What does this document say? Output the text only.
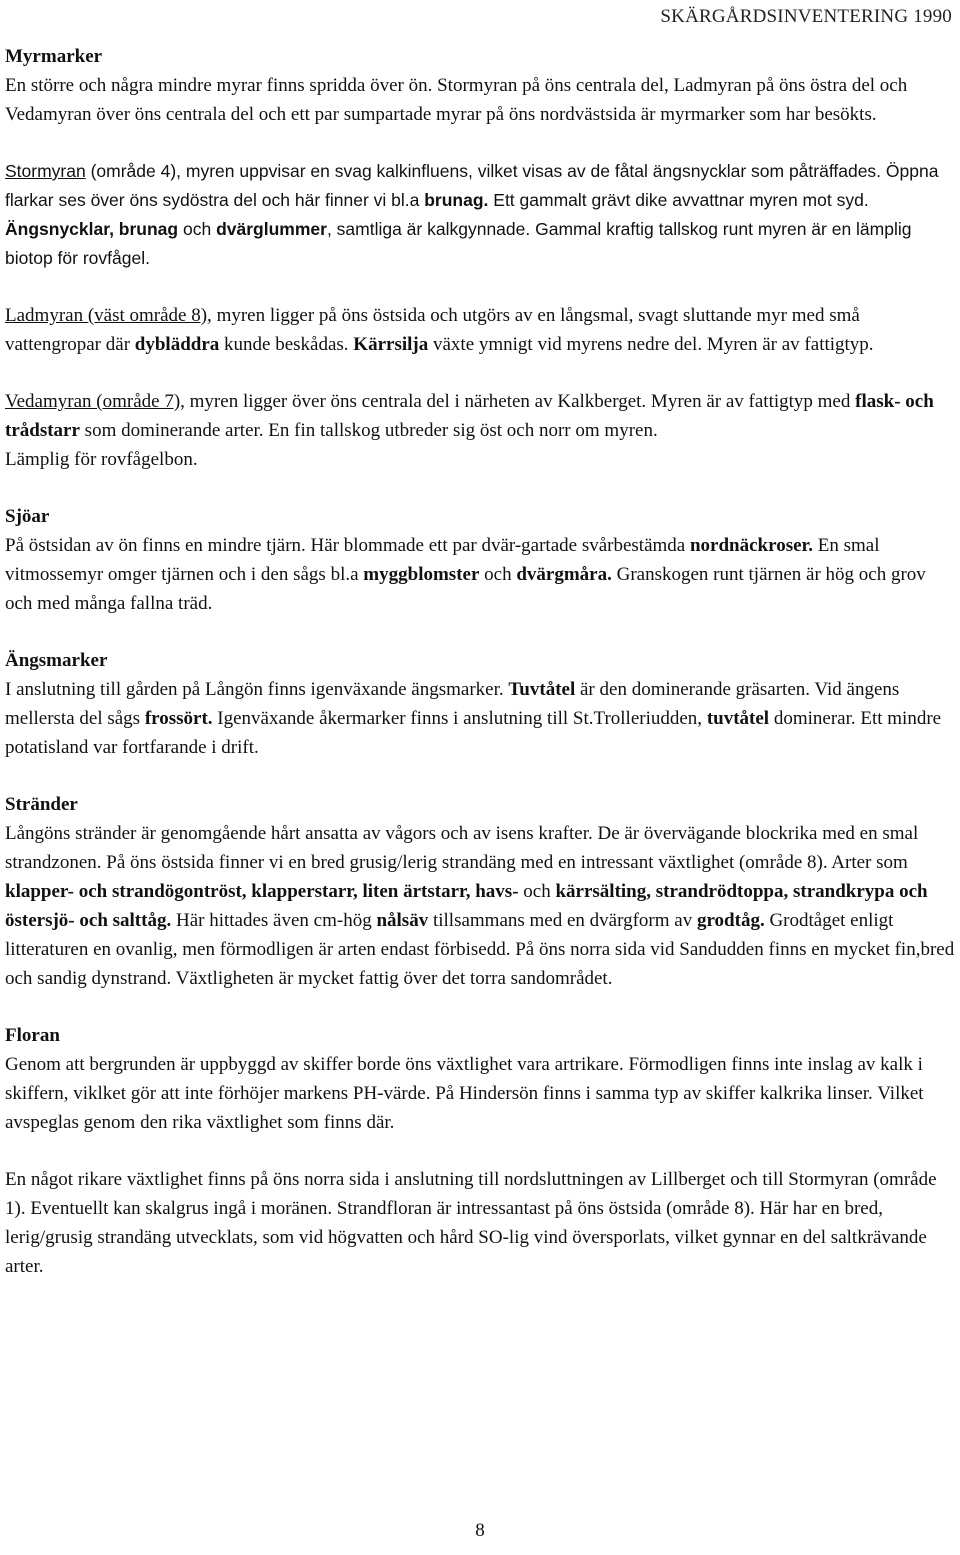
SKÄRGÅRDSINVENTERING 1990
Myrmarker

En större och några mindre myrar finns spridda över ön. Stormyran på öns centrala del, Ladmyran på öns östra del och Vedamyran över öns centrala del och ett par sumpartade myrar på öns nordvästsida är myrmarker som har besökts.

Stormyran (område 4), myren uppvisar en svag kalkinfluens, vilket visas av de fåtal ängsnycklar som påträffades. Öppna flarkar ses över öns sydöstra del och här finner vi bl.a brunag. Ett gammalt grävt dike avvattnar myren mot syd. Ängsnycklar, brunag och dvärglummer, samtliga är kalkgynnade. Gammal kraftig tallskog runt myren är en lämplig biotop för rovfågel.

Ladmyran (väst område 8), myren ligger på öns östsida och utgörs av en långsmal, svagt sluttande myr med små vattengropar där dybläddra kunde beskådas. Kärrsilja växte ymnigt vid myrens nedre del. Myren är av fattigtyp.

Vedamyran (område 7), myren ligger över öns centrala del i närheten av Kalkberget. Myren är av fattigtyp med flask- och trådstarr som dominerande arter. En fin tallskog utbreder sig öst och norr om myren.
Lämplig för rovfågelbon.

Sjöar

På östsidan av ön finns en mindre tjärn. Här blommade ett par dvär-gartade svårbestämda nordnäckroser. En smal vitmossemyr omger tjärnen och i den sågs bl.a myggblomster och dvärgmåra. Granskogen runt tjärnen är hög och grov och med många fallna träd.

Ängsmarker

I anslutning till gården på Långön finns igenväxande ängsmarker. Tuvtåtel är den dominerande gräsarten. Vid ängens mellersta del sågs frossört. Igenväxande åkermarker finns i anslutning till St.Trolleriudden, tuvtåtel dominerar. Ett mindre potatisland var fortfarande i drift.

Stränder

Långöns stränder är genomgående hårt ansatta av vågors och av isens krafter. De är övervägande blockrika med en smal strandzonen. På öns östsida finner vi en bred grusig/lerig strandäng med en intressant växtlighet (område 8). Arter som klapper- och strandögontröst, klapperstarr, liten ärtstarr, havs- och kärrsälting, strandrödtoppa, strandkrypa och östersjö- och salttåg. Här hittades även cm-hög nålsäv tillsammans med en dvärgform av grodtåg. Grodtåget enligt litteraturen en ovanlig, men förmodligen är arten endast förbisedd. På öns norra sida vid Sandudden finns en mycket fin,bred och sandig dynstrand. Växtligheten är mycket fattig över det torra sandområdet.

Floran

Genom att bergrunden är uppbyggd av skiffer borde öns växtlighet vara artrikare. Förmodligen finns inte inslag av kalk i skiffern, viklket gör att inte förhöjer markens PH-värde. På Hindersön finns i samma typ av skiffer kalkrika linser. Vilket avspeglas genom den rika växtlighet som finns där.

En något rikare växtlighet finns på öns norra sida i anslutning till nordsluttningen av Lillberget och till Stormyran (område 1). Eventuellt kan skalgrus ingå i moränen. Strandfloran är intressantast på öns östsida (område 8). Här har en bred, lerig/grusig strandäng utvecklats, som vid högvatten och hård SO-lig vind översporlats, vilket gynnar en del saltkrävande arter.

8
